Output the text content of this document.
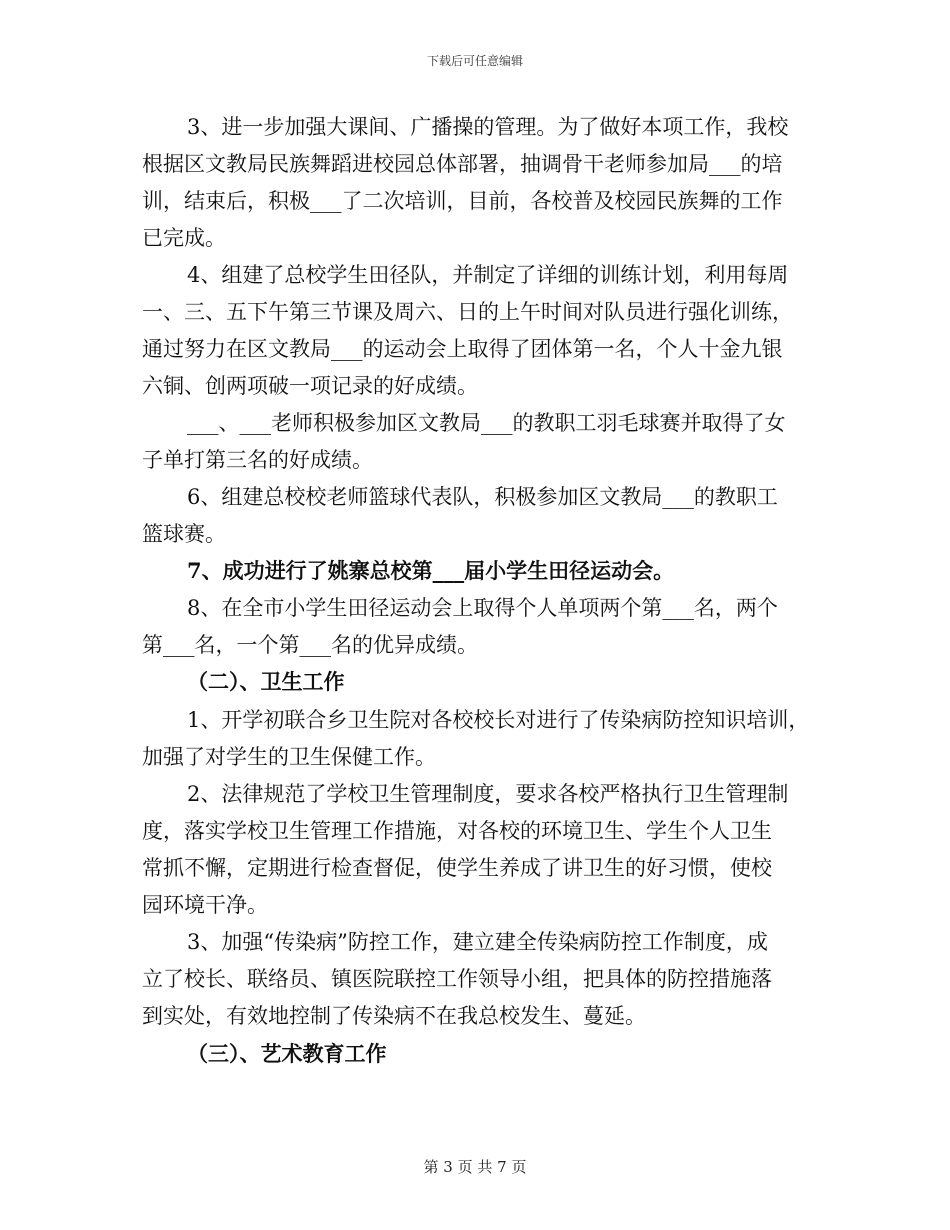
下载后可任意编辑
3、进一步加强大课间、广播操的管理。为了做好本项工作，我校
根据区文教局民族舞蹈进校园总体部署，抽调骨干老师参加局___的培
训，结束后，积极___了二次培训，目前，各校普及校园民族舞的工作
已完成。
4、组建了总校学生田径队，并制定了详细的训练计划，利用每周
一、三、五下午第三节课及周六、日的上午时间对队员进行强化训练，
通过努力在区文教局___的运动会上取得了团体第一名，个人十金九银
六铜、创两项破一项记录的好成绩。
___、___老师积极参加区文教局___的教职工羽毛球赛并取得了女
子单打第三名的好成绩。
6、组建总校校老师篮球代表队，积极参加区文教局___的教职工
篮球赛。
7、成功进行了姚寨总校第___届小学生田径运动会。
8、在全市小学生田径运动会上取得个人单项两个第___名，两个
第___名，一个第___名的优异成绩。
（二）、卫生工作
1、开学初联合乡卫生院对各校校长对进行了传染病防控知识培训，
加强了对学生的卫生保健工作。
2、法律规范了学校卫生管理制度，要求各校严格执行卫生管理制
度，落实学校卫生管理工作措施，对各校的环境卫生、学生个人卫生
常抓不懈，定期进行检查督促，使学生养成了讲卫生的好习惯，使校
园环境干净。
3、加强“传染病”防控工作，建立建全传染病防控工作制度，成
立了校长、联络员、镇医院联控工作领导小组，把具体的防控措施落
到实处，有效地控制了传染病不在我总校发生、蔓延。
（三）、艺术教育工作
第 3 页 共 7 页
